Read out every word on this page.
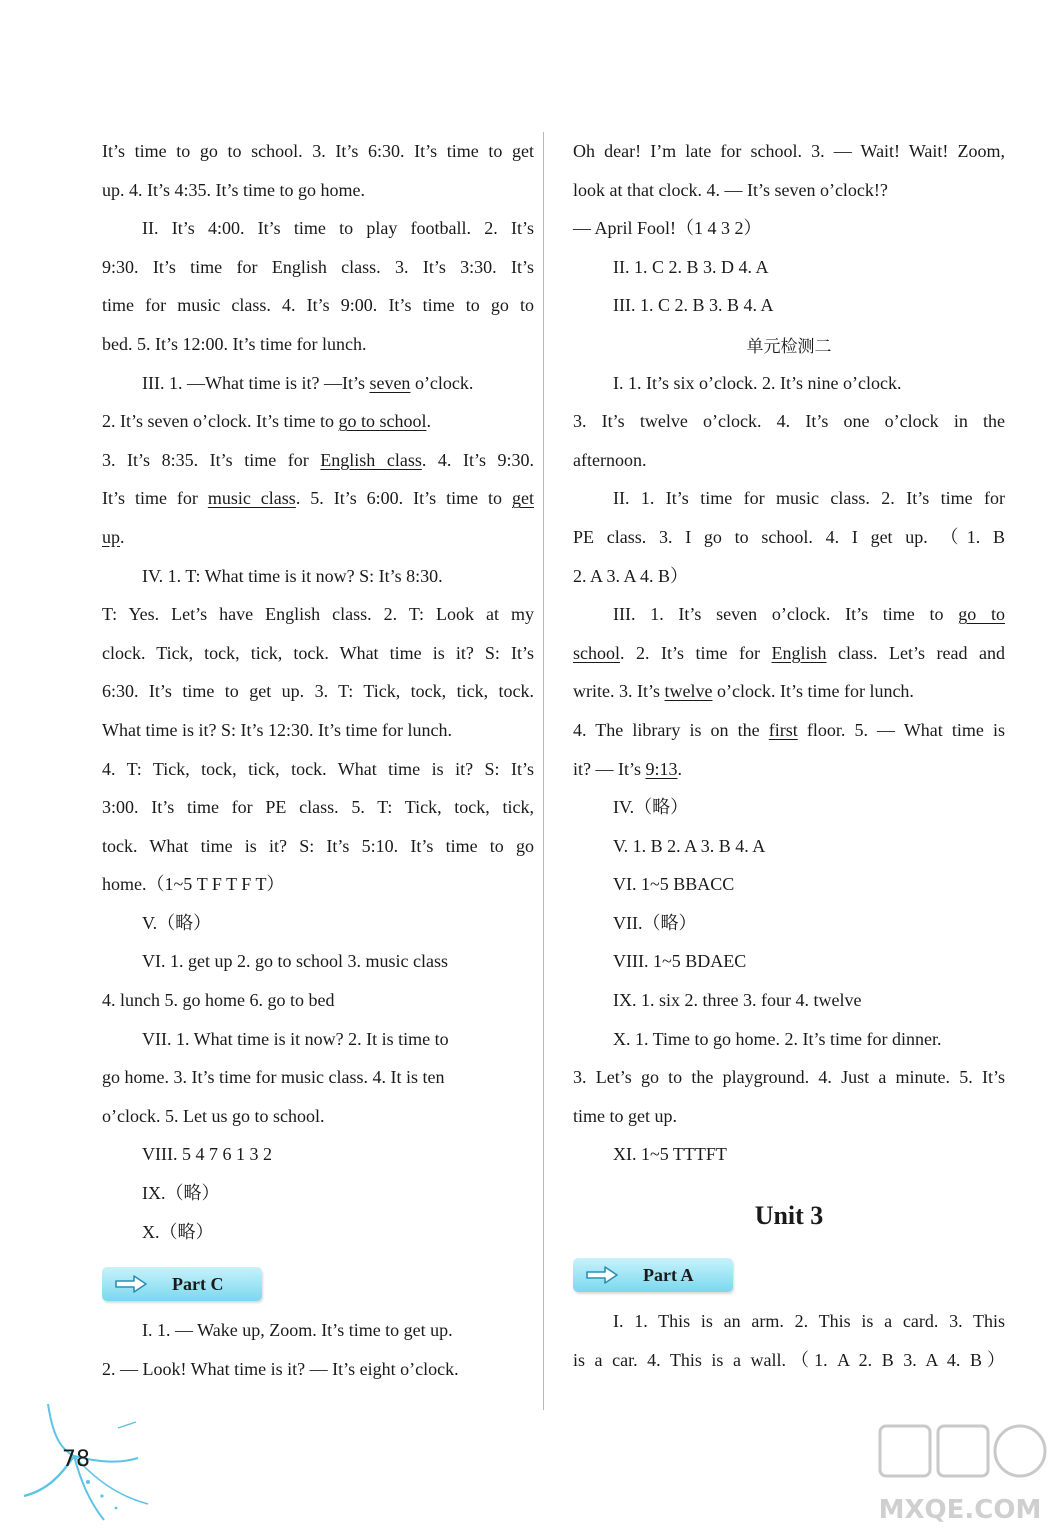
It’s time to go to school. 3. It’s 6:30. It’s time to get
up. 4. It’s 4:35. It’s time to go home.
II. It’s 4:00. It’s time to play football. 2. It’s
9:30. It’s time for English class. 3. It’s 3:30. It’s
time for music class. 4. It’s 9:00. It’s time to go to
bed. 5. It’s 12:00. It’s time for lunch.
III. 1. —What time is it? —It’s seven o’clock.
2. It’s seven o’clock. It’s time to go to school.
3. It’s 8:35. It’s time for English class. 4. It’s 9:30.
It’s time for music class. 5. It’s 6:00. It’s time to get
up.
IV. 1. T: What time is it now? S: It’s 8:30.
T: Yes. Let’s have English class. 2. T: Look at my
clock. Tick, tock, tick, tock. What time is it? S: It’s
6:30. It’s time to get up. 3. T: Tick, tock, tick, tock.
What time is it? S: It’s 12:30. It’s time for lunch.
4. T: Tick, tock, tick, tock. What time is it? S: It’s
3:00. It’s time for PE class. 5. T: Tick, tock, tick,
tock. What time is it? S: It’s 5:10. It’s time to go
home.（1~5 T F T F T）
V.（略）
VI. 1. get up 2. go to school 3. music class
4. lunch 5. go home 6. go to bed
VII. 1. What time is it now? 2. It is time to
go home. 3. It’s time for music class. 4. It is ten
o’clock. 5. Let us go to school.
VIII. 5 4 7 6 1 3 2
IX.（略）
X.（略）
Part C
I. 1. — Wake up, Zoom. It’s time to get up.
2. — Look! What time is it? — It’s eight o’clock.
Oh dear! I’m late for school. 3. — Wait! Wait! Zoom,
look at that clock. 4. — It’s seven o’clock!?
— April Fool!（1 4 3 2）
II. 1. C 2. B 3. D 4. A
III. 1. C 2. B 3. B 4. A
单元检测二
I. 1. It’s six o’clock. 2. It’s nine o’clock.
3. It’s twelve o’clock. 4. It’s one o’clock in the
afternoon.
II. 1. It’s time for music class. 2. It’s time for
PE class. 3. I go to school. 4. I get up. （1. B
2. A 3. A 4. B）
III. 1. It’s seven o’clock. It’s time to go to
school. 2. It’s time for English class. Let’s read and
write. 3. It’s twelve o’clock. It’s time for lunch.
4. The library is on the first floor. 5. — What time is
it? — It’s 9:13.
IV.（略）
V. 1. B 2. A 3. B 4. A
VI. 1~5 BBACC
VII.（略）
VIII. 1~5 BDAEC
IX. 1. six 2. three 3. four 4. twelve
X. 1. Time to go home. 2. It’s time for dinner.
3. Let’s go to the playground. 4. Just a minute. 5. It’s
time to get up.
XI. 1~5 TTTFT
Unit 3
Part A
I. 1. This is an arm. 2. This is a card. 3. This
is a car. 4. This is a wall.（1. A 2. B 3. A 4. B）
78
MXQE.COM
